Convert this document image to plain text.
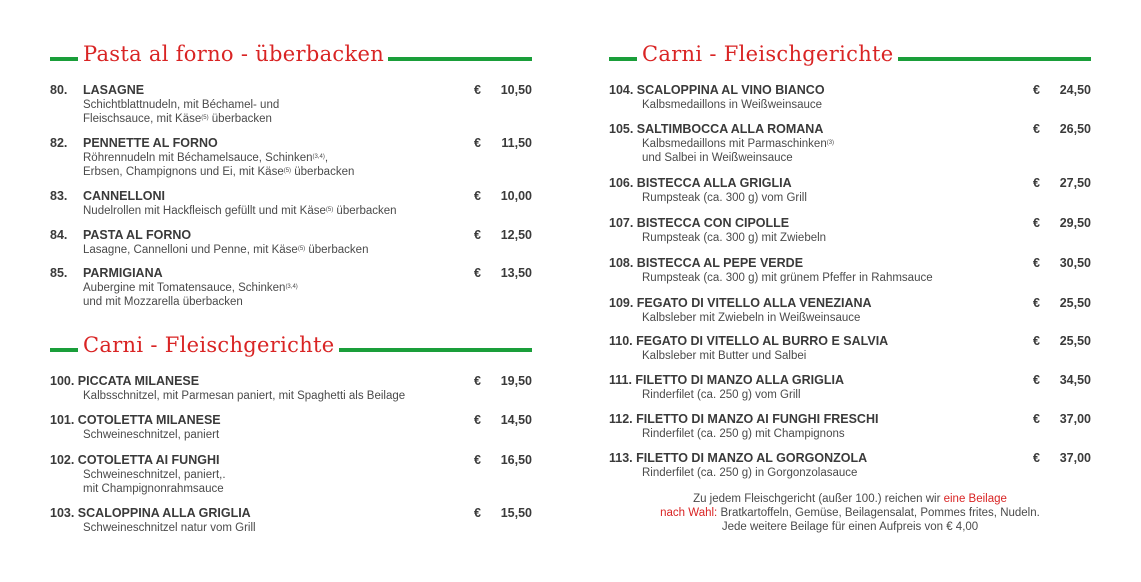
Pasta al forno - überbacken
80. LASAGNE
Schichtblattnudeln, mit Béchamel- und
Fleischsauce, mit Käse$^{(5)}$ überbacken
€ 10,50
82. PENNETTE AL FORNO
Röhrennudeln mit Béchamelsauce, Schinken$^{(3,4)}$,
Erbsen, Champignons und Ei, mit Käse$^{(5)}$ überbacken
€ 11,50
83. CANNELLONI
Nudelrollen mit Hackfleisch gefüllt und mit Käse$^{(5)}$ überbacken
€ 10,00
84. PASTA AL FORNO
Lasagne, Cannelloni und Penne, mit Käse$^{(5)}$ überbacken
€ 12,50
85. PARMIGIANA
Aubergine mit Tomatensauce, Schinken$^{(3,4)}$
und mit Mozzarella überbacken
€ 13,50
Carni - Fleischgerichte
100. PICCATA MILANESE
Kalbsschnitzel, mit Parmesan paniert, mit Spaghetti als Beilage
€ 19,50
101. COTOLETTA MILANESE
Schweineschnitzel, paniert
€ 14,50
102. COTOLETTA AI FUNGHI
Schweineschnitzel, paniert,.
mit Champignonrahmsauce
€ 16,50
103. SCALOPPINA ALLA GRIGLIA
Schweineschnitzel natur vom Grill
€ 15,50
Carni - Fleischgerichte
104. SCALOPPINA AL VINO BIANCO
Kalbsmedaillons in Weißweinsauce
€ 24,50
105. SALTIMBOCCA ALLA ROMANA
Kalbsmedaillons mit Parmaschinken$^{(3)}$
und Salbei in Weißweinsauce
€ 26,50
106. BISTECCA ALLA GRIGLIA
Rumpsteak (ca. 300 g) vom Grill
€ 27,50
107. BISTECCA CON CIPOLLE
Rumpsteak (ca. 300 g) mit Zwiebeln
€ 29,50
108. BISTECCA AL PEPE VERDE
Rumpsteak (ca. 300 g) mit grünem Pfeffer in Rahmsauce
€ 30,50
109. FEGATO DI VITELLO ALLA VENEZIANA
Kalbsleber mit Zwiebeln in Weißweinsauce
€ 25,50
110. FEGATO DI VITELLO AL BURRO E SALVIA
Kalbsleber mit Butter und Salbei
€ 25,50
111. FILETTO DI MANZO ALLA GRIGLIA
Rinderfilet (ca. 250 g) vom Grill
€ 34,50
112. FILETTO DI MANZO AI FUNGHI FRESCHI
Rinderfilet (ca. 250 g) mit Champignons
€ 37,00
113. FILETTO DI MANZO AL GORGONZOLA
Rinderfilet (ca. 250 g) in Gorgonzolasauce
€ 37,00
Zu jedem Fleischgericht (außer 100.) reichen wir eine Beilage
nach Wahl: Bratkartoffeln, Gemüse, Beilagensalat, Pommes frites, Nudeln.
Jede weitere Beilage für einen Aufpreis von € 4,00
